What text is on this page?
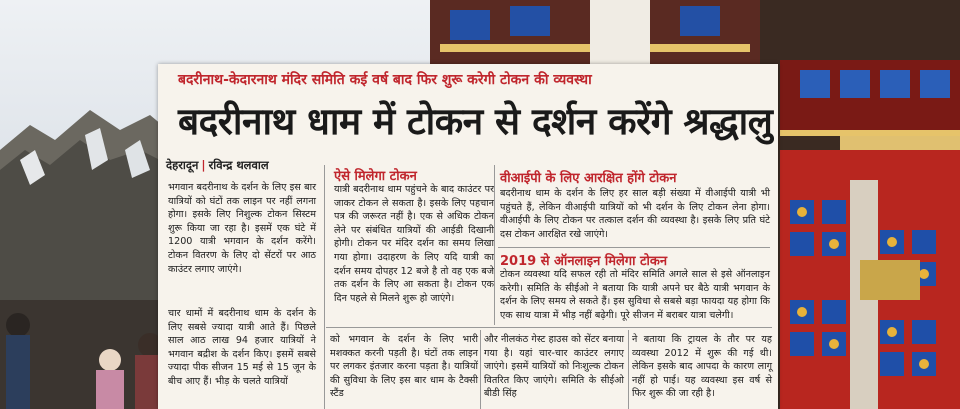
बदरीनाथ-केदारनाथ मंदिर समिति कई वर्ष बाद फिर शुरू करेगी टोकन की व्यवस्था
बदरीनाथ धाम में टोकन से दर्शन करेंगे श्रद्धालु
देहरादून | रविन्द्र थलवाल
भगवान बदरीनाथ के दर्शन के लिए इस बार यात्रियों को घंटों तक लाइन पर नहीं लगना होगा। इसके लिए निशुल्क टोकन सिस्टम शुरू किया जा रहा है। इसमें एक घंटे में 1200 यात्री भगवान के दर्शन करेंगे। टोकन वितरण के लिए दो सेंटरों पर आठ काउंटर लगाए जाएंगे।
चार धामों में बदरीनाथ धाम के दर्शन के लिए सबसे ज्यादा यात्री आते हैं। पिछले साल आठ लाख 94 हजार यात्रियों ने भगवान बद्रीश के दर्शन किए। इसमें सबसे ज्यादा पीक सीजन 15 मई से 15 जून के बीच आए हैं। भीड़ के चलते यात्रियों
ऐसे मिलेगा टोकन
यात्री बदरीनाथ धाम पहुंचने के बाद काउंटर पर जाकर टोकन ले सकता है। इसके लिए पहचान पत्र की जरूरत नहीं है। एक से अधिक टोकन लेने पर संबंधित यात्रियों की आईडी दिखानी होगी। टोकन पर मंदिर दर्शन का समय लिखा गया होगा। उदाहरण के लिए यदि यात्री का दर्शन समय दोपहर 12 बजे है तो वह एक बजे तक दर्शन के लिए आ सकता है। टोकन एक दिन पहले से मिलने शुरू हो जाएंगे।
वीआईपी के लिए आरक्षित होंगे टोकन
बदरीनाथ धाम के दर्शन के लिए हर साल बड़ी संख्या में वीआईपी यात्री भी पहुंचते हैं, लेकिन वीआईपी यात्रियों को भी दर्शन के लिए टोकन लेना होगा। वीआईपी के लिए टोकन पर तत्काल दर्शन की व्यवस्था है। इसके लिए प्रति घंटे दस टोकन आरक्षित रखे जाएंगे।
2019 से ऑनलाइन मिलेगा टोकन
टोकन व्यवस्था यदि सफल रही तो मंदिर समिति अगले साल से इसे ऑनलाइन करेगी। समिति के सीईओ ने बताया कि यात्री अपने घर बैठे यात्री भगवान के दर्शन के लिए समय ले सकते हैं। इस सुविधा से सबसे बड़ा फायदा यह होगा कि एक साथ यात्रा में भीड़ नहीं बढ़ेगी। पूरे सीजन में बराबर यात्रा चलेगी।
को भगवान के दर्शन के लिए भारी मशक्कत करनी पड़ती है। घंटों तक लाइन पर लगकर इंतजार करना पड़ता है। यात्रियों की सुविधा के लिए इस बार धाम के टैक्सी स्टैंड
और नीलकंठ गेस्ट हाउस को सेंटर बनाया गया है। यहां चार-चार काउंटर लगाए जाएंगे। इसमें यात्रियों को निःशुल्क टोकन वितरित किए जाएंगे। समिति के सीईओ बीडी सिंह
ने बताया कि ट्रायल के तौर पर यह व्यवस्था 2012 में शुरू की गई थी। लेकिन इसके बाद आपदा के कारण लागू नहीं हो पाई। यह व्यवस्था इस वर्ष से फिर शुरू की जा रही है।
